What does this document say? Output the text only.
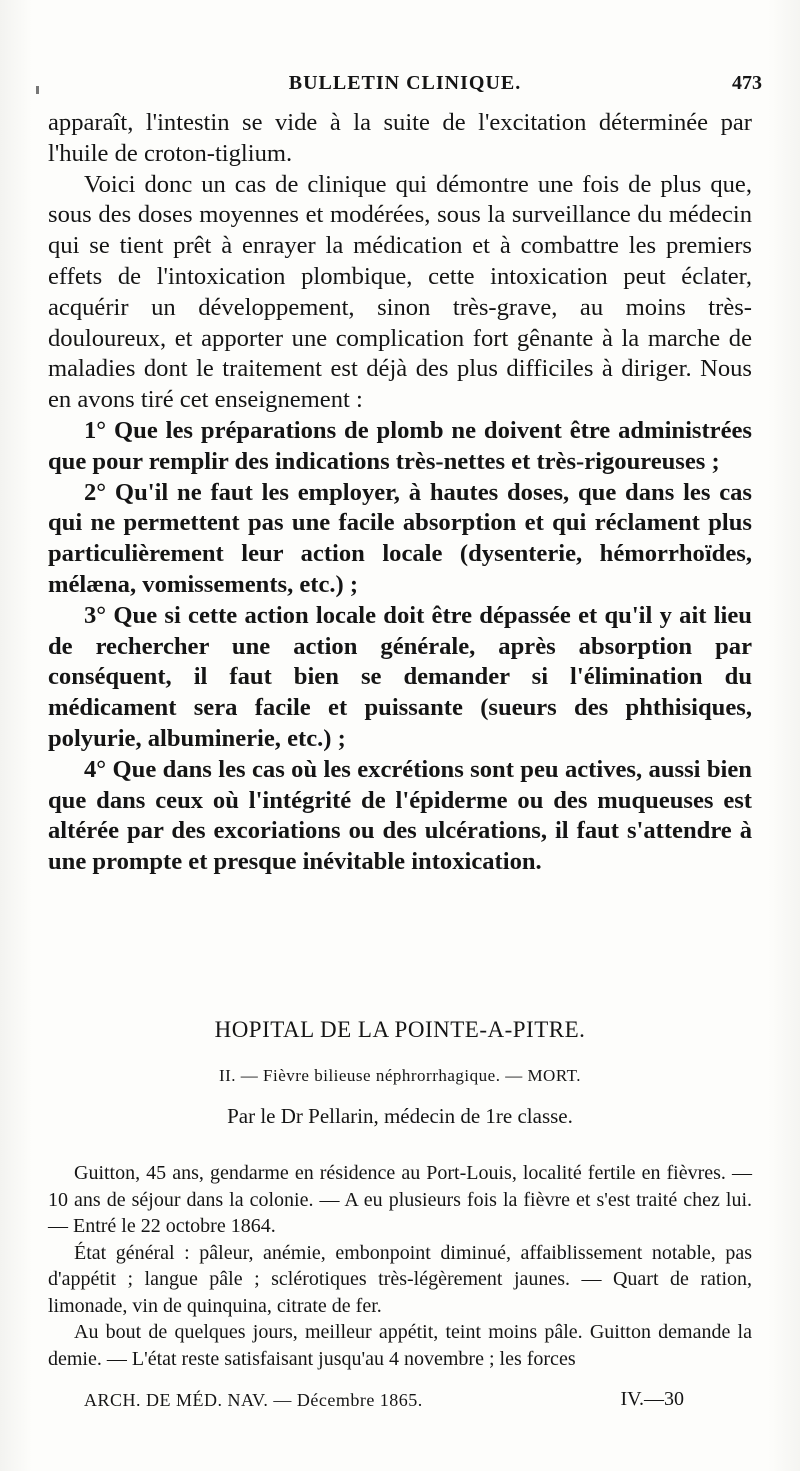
BULLETIN CLINIQUE.	473

apparaît, l'intestin se vide à la suite de l'excitation déterminée par l'huile de croton-tiglium.

Voici donc un cas de clinique qui démontre une fois de plus que, sous des doses moyennes et modérées, sous la surveillance du médecin qui se tient prêt à enrayer la médication et à combattre les premiers effets de l'intoxication plombique, cette intoxication peut éclater, acquérir un développement, sinon très-grave, au moins très-douloureux, et apporter une complication fort gênante à la marche de maladies dont le traitement est déjà des plus difficiles à diriger. Nous en avons tiré cet enseignement :

1° Que les préparations de plomb ne doivent être administrées que pour remplir des indications très-nettes et très-rigoureuses ;

2° Qu'il ne faut les employer, à hautes doses, que dans les cas qui ne permettent pas une facile absorption et qui réclament plus particulièrement leur action locale (dysenterie, hémorrhoïdes, mélæna, vomissements, etc.) ;

3° Que si cette action locale doit être dépassée et qu'il y ait lieu de rechercher une action générale, après absorption par conséquent, il faut bien se demander si l'élimination du médicament sera facile et puissante (sueurs des phthisiques, polyurie, albuminerie, etc.) ;

4° Que dans les cas où les excrétions sont peu actives, aussi bien que dans ceux où l'intégrité de l'épiderme ou des muqueuses est altérée par des excoriations ou des ulcérations, il faut s'attendre à une prompte et presque inévitable intoxication.

HOPITAL DE LA POINTE-A-PITRE.
II. — Fièvre bilieuse néphrorrhagique. — MORT.
Par le Dr Pellarin, médecin de 1re classe.

Guitton, 45 ans, gendarme en résidence au Port-Louis, localité fertile en fièvres. — 10 ans de séjour dans la colonie. — A eu plusieurs fois la fièvre et s'est traité chez lui. — Entré le 22 octobre 1864.

État général : pâleur, anémie, embonpoint diminué, affaiblissement notable, pas d'appétit ; langue pâle ; sclérotiques très-légèrement jaunes. — Quart de ration, limonade, vin de quinquina, citrate de fer.

Au bout de quelques jours, meilleur appétit, teint moins pâle. Guitton demande la demie. — L'état reste satisfaisant jusqu'au 4 novembre ; les forces

ARCH. DE MÉD. NAV. — Décembre 1865.	IV.—30
